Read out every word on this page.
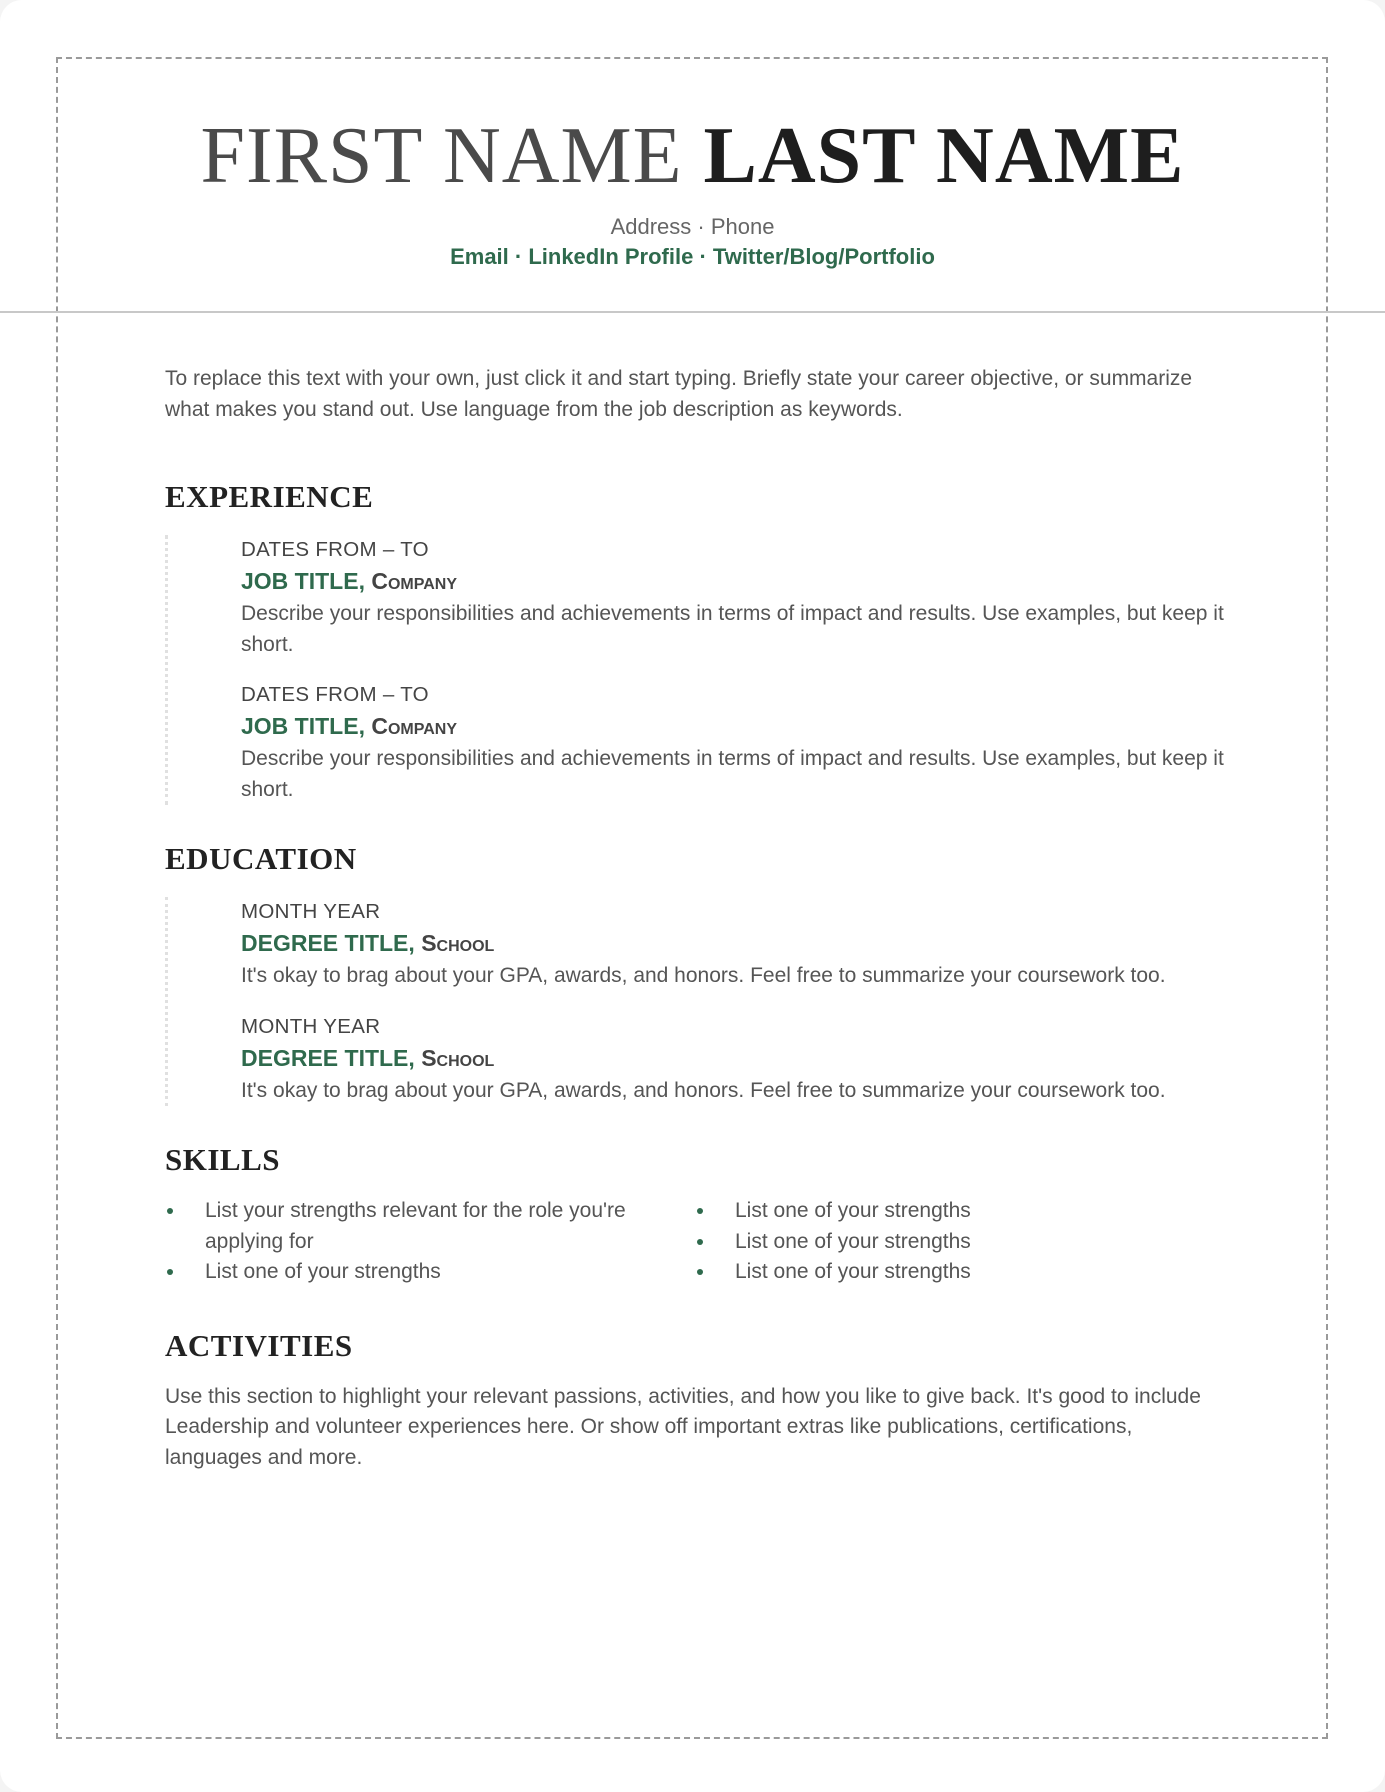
FIRST NAME LAST NAME
Address · Phone
Email · LinkedIn Profile · Twitter/Blog/Portfolio

To replace this text with your own, just click it and start typing. Briefly state your career objective, or summarize what makes you stand out. Use language from the job description as keywords.

EXPERIENCE
DATES FROM – TO
JOB TITLE, Company
Describe your responsibilities and achievements in terms of impact and results. Use examples, but keep it short.
DATES FROM – TO
JOB TITLE, Company
Describe your responsibilities and achievements in terms of impact and results. Use examples, but keep it short.
EDUCATION
MONTH YEAR
DEGREE TITLE, School
It's okay to brag about your GPA, awards, and honors. Feel free to summarize your coursework too.
MONTH YEAR
DEGREE TITLE, School
It's okay to brag about your GPA, awards, and honors. Feel free to summarize your coursework too.
SKILLS
List your strengths relevant for the role you're applying for
List one of your strengths
List one of your strengths
List one of your strengths
List one of your strengths
ACTIVITIES

Use this section to highlight your relevant passions, activities, and how you like to give back. It's good to include Leadership and volunteer experiences here. Or show off important extras like publications, certifications, languages and more.
